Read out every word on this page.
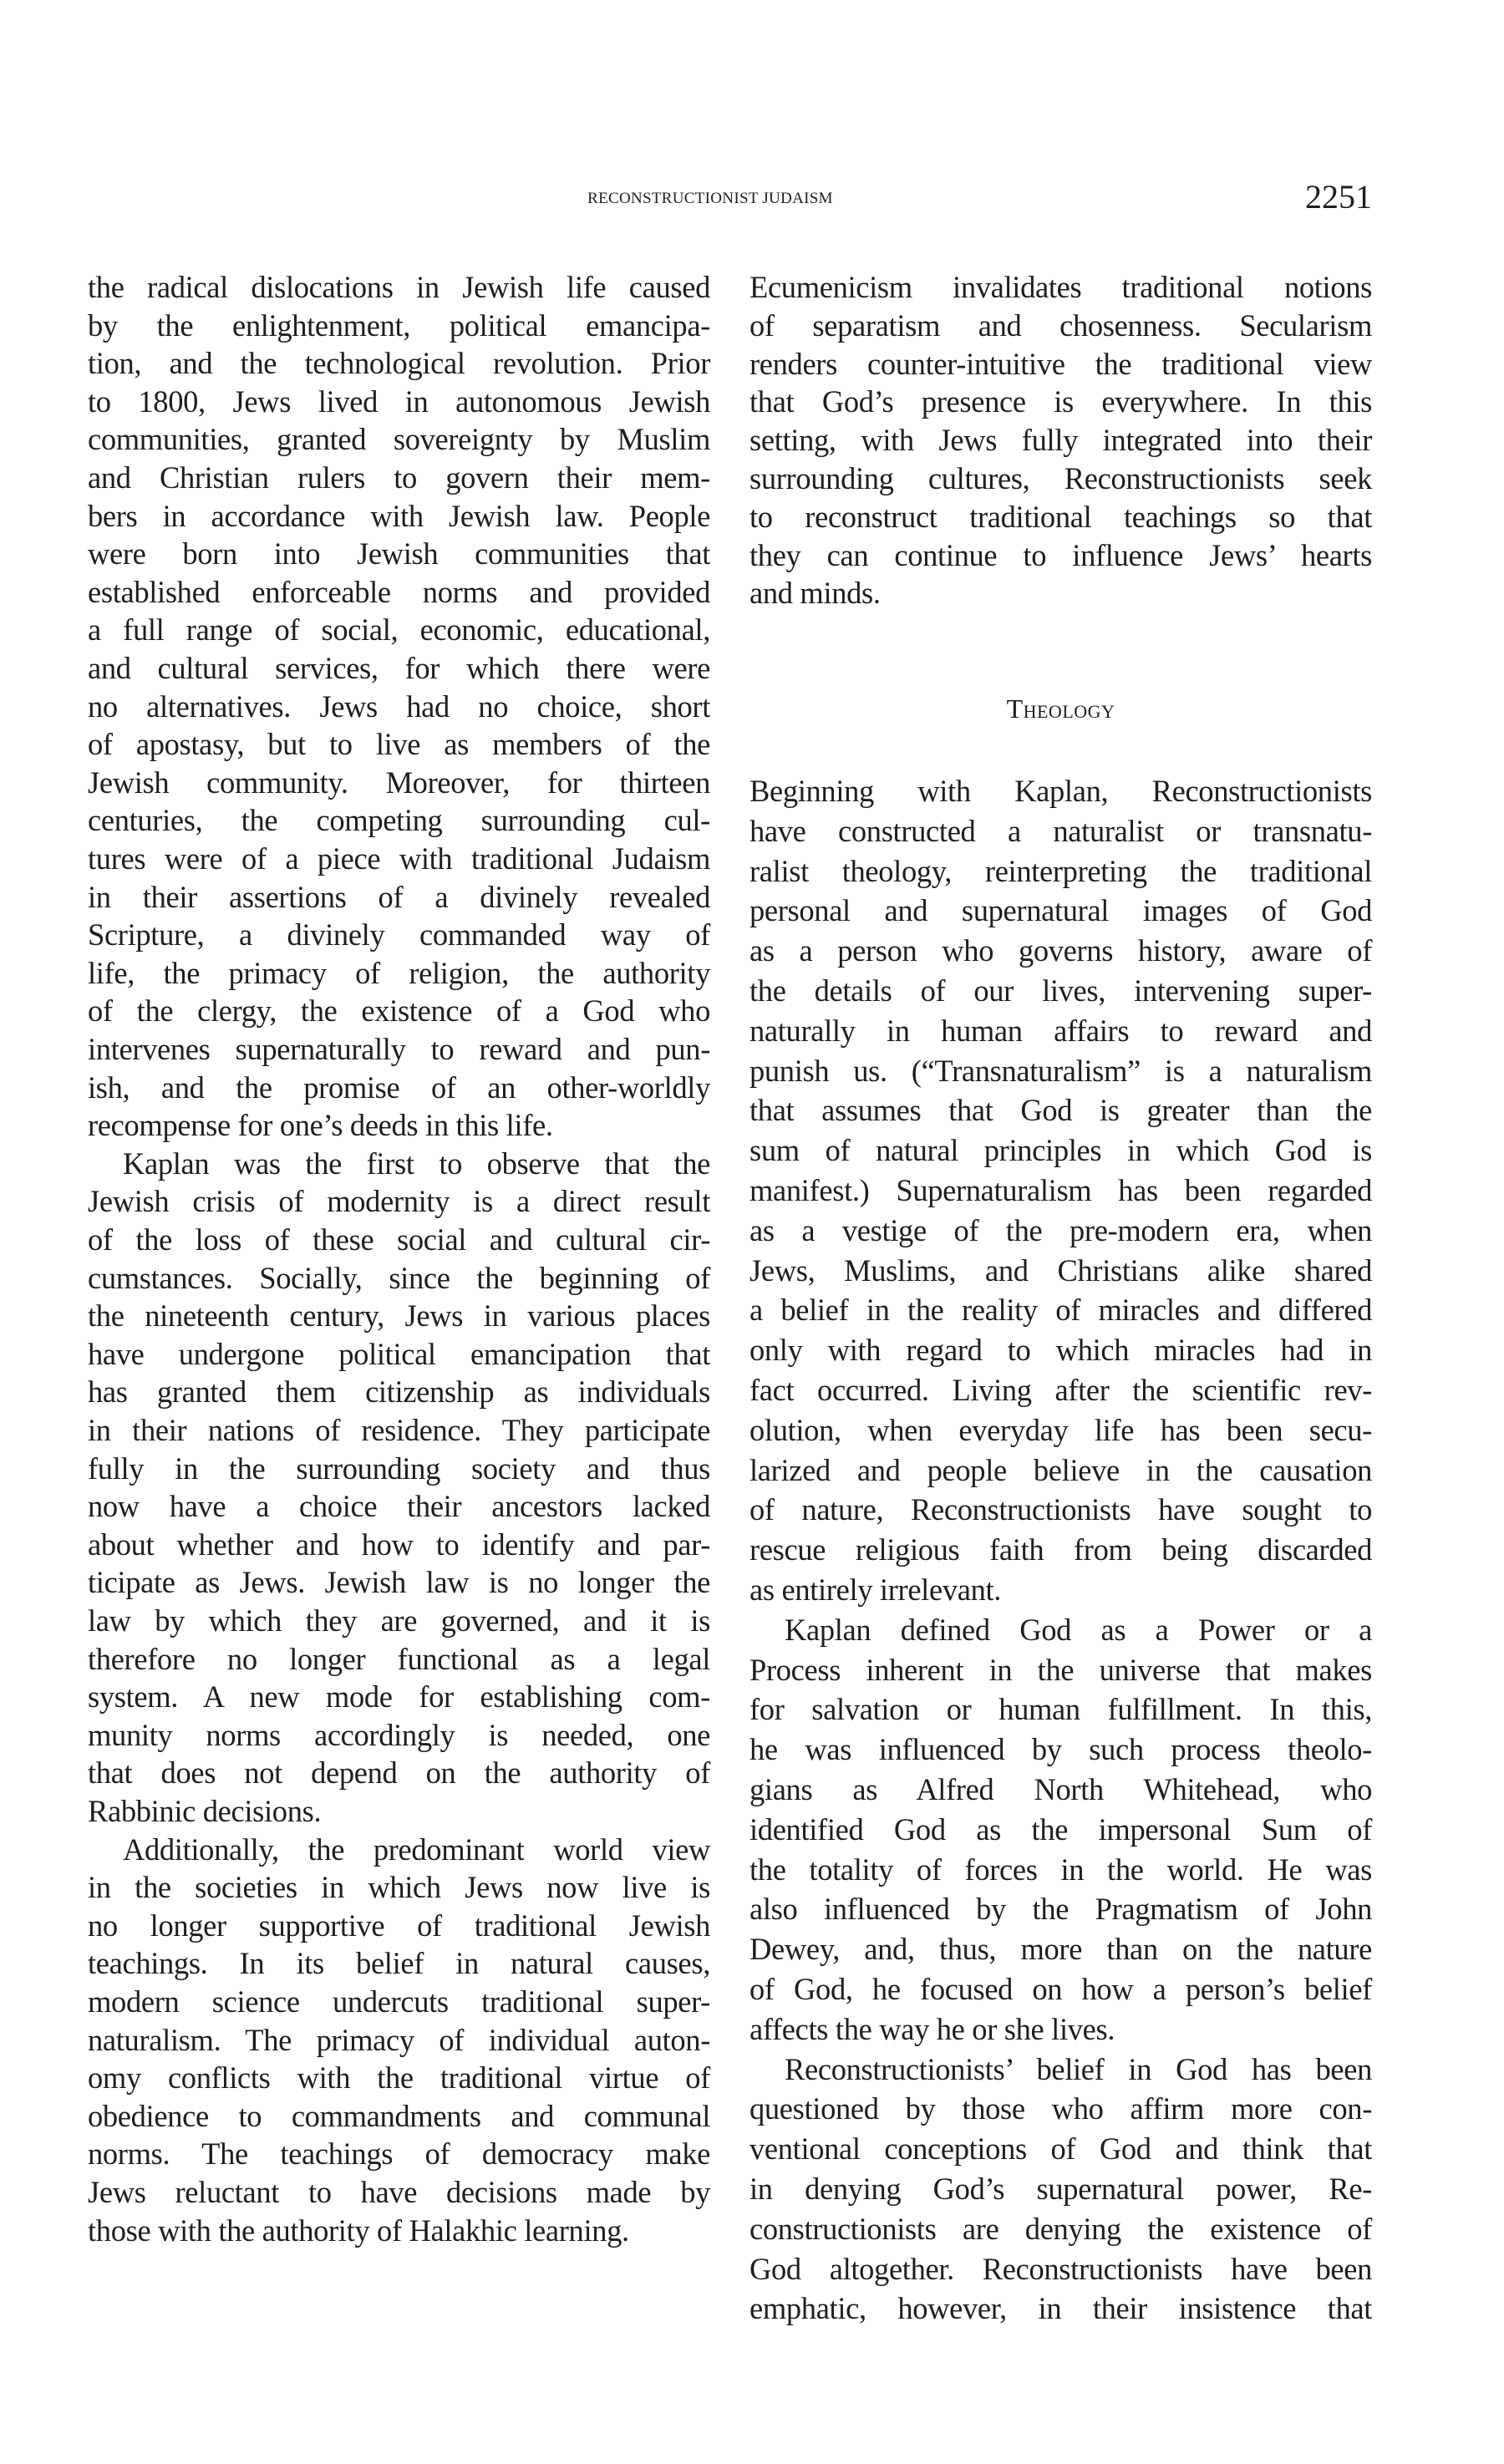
RECONSTRUCTIONIST JUDAISM	2251
the radical dislocations in Jewish life caused
by the enlightenment, political emancipa-
tion, and the technological revolution. Prior
to 1800, Jews lived in autonomous Jewish
communities, granted sovereignty by Muslim
and Christian rulers to govern their mem-
bers in accordance with Jewish law. People
were born into Jewish communities that
established enforceable norms and provided
a full range of social, economic, educational,
and cultural services, for which there were
no alternatives. Jews had no choice, short
of apostasy, but to live as members of the
Jewish community. Moreover, for thirteen
centuries, the competing surrounding cul-
tures were of a piece with traditional Judaism
in their assertions of a divinely revealed
Scripture, a divinely commanded way of
life, the primacy of religion, the authority
of the clergy, the existence of a God who
intervenes supernaturally to reward and pun-
ish, and the promise of an other-worldly
recompense for one’s deeds in this life.
Kaplan was the first to observe that the
Jewish crisis of modernity is a direct result
of the loss of these social and cultural cir-
cumstances. Socially, since the beginning of
the nineteenth century, Jews in various places
have undergone political emancipation that
has granted them citizenship as individuals
in their nations of residence. They participate
fully in the surrounding society and thus
now have a choice their ancestors lacked
about whether and how to identify and par-
ticipate as Jews. Jewish law is no longer the
law by which they are governed, and it is
therefore no longer functional as a legal
system. A new mode for establishing com-
munity norms accordingly is needed, one
that does not depend on the authority of
Rabbinic decisions.
Additionally, the predominant world view
in the societies in which Jews now live is
no longer supportive of traditional Jewish
teachings. In its belief in natural causes,
modern science undercuts traditional super-
naturalism. The primacy of individual auton-
omy conflicts with the traditional virtue of
obedience to commandments and communal
norms. The teachings of democracy make
Jews reluctant to have decisions made by
those with the authority of Halakhic learning.
Theology
Ecumenicism invalidates traditional notions
of separatism and chosenness. Secularism
renders counter-intuitive the traditional view
that God’s presence is everywhere. In this
setting, with Jews fully integrated into their
surrounding cultures, Reconstructionists seek
to reconstruct traditional teachings so that
they can continue to influence Jews’ hearts
and minds.
Beginning with Kaplan, Reconstructionists
have constructed a naturalist or transnatu-
ralist theology, reinterpreting the traditional
personal and supernatural images of God
as a person who governs history, aware of
the details of our lives, intervening super-
naturally in human affairs to reward and
punish us. (“Transnaturalism” is a naturalism
that assumes that God is greater than the
sum of natural principles in which God is
manifest.) Supernaturalism has been regarded
as a vestige of the pre-modern era, when
Jews, Muslims, and Christians alike shared
a belief in the reality of miracles and differed
only with regard to which miracles had in
fact occurred. Living after the scientific rev-
olution, when everyday life has been secu-
larized and people believe in the causation
of nature, Reconstructionists have sought to
rescue religious faith from being discarded
as entirely irrelevant.
Kaplan defined God as a Power or a
Process inherent in the universe that makes
for salvation or human fulfillment. In this,
he was influenced by such process theolo-
gians as Alfred North Whitehead, who
identified God as the impersonal Sum of
the totality of forces in the world. He was
also influenced by the Pragmatism of John
Dewey, and, thus, more than on the nature
of God, he focused on how a person’s belief
affects the way he or she lives.
Reconstructionists’ belief in God has been
questioned by those who affirm more con-
ventional conceptions of God and think that
in denying God’s supernatural power, Re-
constructionists are denying the existence of
God altogether. Reconstructionists have been
emphatic, however, in their insistence that
